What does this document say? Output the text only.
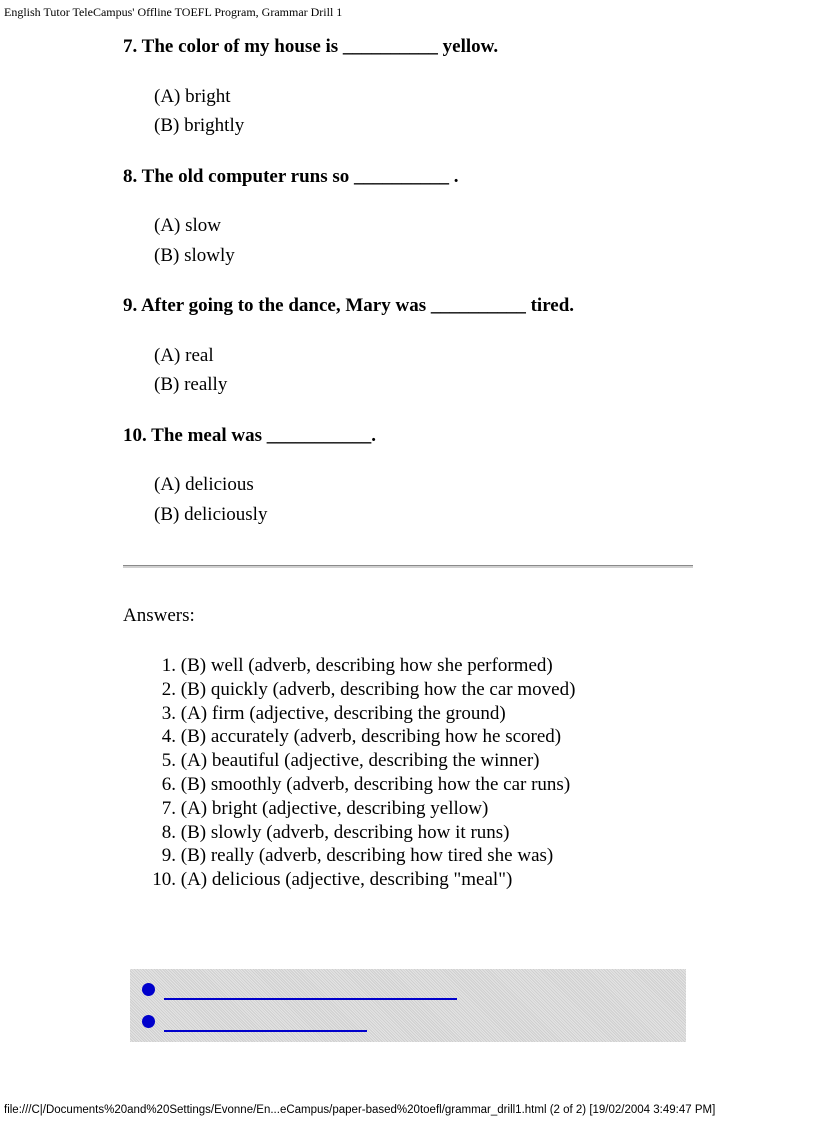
English Tutor TeleCampus' Offline TOEFL Program, Grammar Drill 1
7. The color of my house is __________ yellow.
(A) bright
(B) brightly
8. The old computer runs so __________ .
(A) slow
(B) slowly
9. After going to the dance, Mary was __________ tired.
(A) real
(B) really
10. The meal was ___________.
(A) delicious
(B) deliciously
Answers:
1. (B) well (adverb, describing how she performed)
2. (B) quickly (adverb, describing how the car moved)
3. (A) firm (adjective, describing the ground)
4. (B) accurately (adverb, describing how he scored)
5. (A) beautiful (adjective, describing the winner)
6. (B) smoothly (adverb, describing how the car runs)
7. (A) bright (adjective, describing yellow)
8. (B) slowly (adverb, describing how it runs)
9. (B) really (adverb, describing how tired she was)
10. (A) delicious (adjective, describing "meal")
file:///C|/Documents%20and%20Settings/Evonne/En...eCampus/paper-based%20toefl/grammar_drill1.html (2 of 2) [19/02/2004 3:49:47 PM]
